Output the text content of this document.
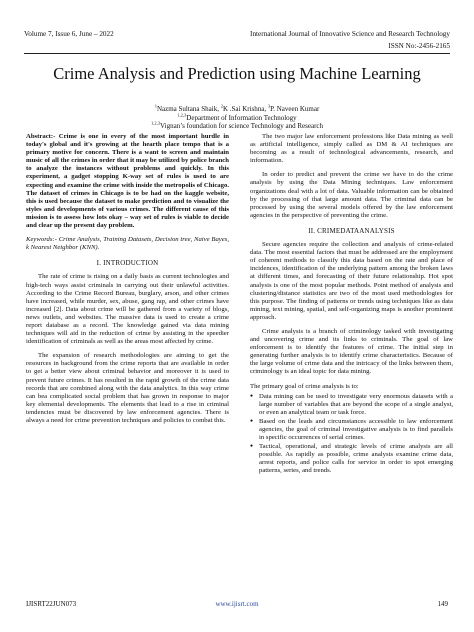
Volume 7, Issue 6, June – 2022	International Journal of Innovative Science and Research Technology
ISSN No:-2456-2165
Crime Analysis and Prediction using Machine Learning
$^1$Nazma Sultana Shaik, $^2$K .Sai Krishna, $^3$P. Naveen Kumar
$^{1,2,3}$Department of Information Technology
$^{1,2,3}$Vignan’s foundation for science Technology and Research

Abstract:- Crime is one in every of the most important hurdle in today's global and it's growing at the hearth place tempo that is a primary motive for concern. There is a want to screen and maintain music of all the crimes in order that it may be utilized by police branch to analyze the instances without problems and quickly. In this experiment, a gadget stopping K-way set of rules is used to are expecting and examine the crime with inside the metropolis of Chicago. The dataset of crimes in Chicago is to be had on the kaggle website, this is used because the dataset to make prediction and to visualize the styles and developments of various crimes. The different cause of this mission is to assess how lots okay – way set of rules is viable to decide and clear up the present day problem.

Keywords:- Crime Analysis, Training Datasets, Decision tree, Naive Bayes, k Nearest Neighbor (KNN).

I. INTRODUCTION

The rate of crime is rising on a daily basis as current technologies and high-tech ways assist criminals in carrying out their unlawful activities. According to the Crime Record Bureau, burglary, arson, and other crimes have increased, while murder, sex, abuse, gang rap, and other crimes have increased [2]. Data about crime will be gathered from a variety of blogs, news outlets, and websites. The massive data is used to create a crime report database as a record. The knowledge gained via data mining techniques will aid in the reduction of crime by assisting in the speedier identification of criminals as well as the areas most affected by crime.

The expansion of research methodologies are aiming to get the resources in background from the crime reports that are available in order to get a better view about criminal behavior and moreover it is used to prevent future crimes. It has resulted in the rapid growth of the crime data records that are combined along with the data analytics. In this way crime can bea complicated social problem that has grown in response to major key elemental developments. The elements that lead to a rise in criminal tendencies must be discovered by law enforcement agencies. There is always a need for crime prevention techniques and policies to combat this.

The two major law enforcement professions like Data mining as well as artificial intelligence, simply called as DM & AI techniques are becoming as a result of technological advancements, research, and information.

In order to predict and prevent the crime we have to do the crime analysis by using the Data Mining techniques. Law enforcement organizations deal with a lot of data. Valuable information can be obtained by the processing of that large amount data. The criminal data can be processed by using the several models offered by the law enforcement agencies in the perspective of preventing the crime.

II. CRIMEDATAANALYSIS

Secure agencies require the collection and analysis of crime-related data. The most essential factors that must be addressed are the employment of coherent methods to classify this data based on the rate and place of incidences, identification of the underlying pattern among the broken laws at different times, and forecasting of their future relationship. Hot spot analysis is one of the most popular methods. Point method of analysis and clustering/distance statistics are two of the most used methodologies for this purpose. The finding of patterns or trends using techniques like as data mining, text mining, spatial, and self-organizing maps is another prominent approach.

Crime analysis is a branch of criminology tasked with investigating and uncovering crime and its links to criminals. The goal of law enforcement is to identify the features of crime. The initial step in generating further analysis is to identify crime characteristics. Because of the large volume of crime data and the intricacy of the links between them, criminology is an ideal topic for data mining.

The primary goal of crime analysis is to:

● Data mining can be used to investigate very enormous datasets with a large number of variables that are beyond the scope of a single analyst, or even an analytical team or task force.
● Based on the leads and circumstances accessible to law enforcement agencies, the goal of criminal investigative analysis is to find parallels in specific occurrences of serial crimes.
● Tactical, operational, and strategic levels of crime analysis are all possible. As rapidly as possible, crime analysts examine crime data, arrest reports, and police calls for service in order to spot emerging patterns, series, and trends.
IJISRT22JUN073	www.ijisrt.com	149
